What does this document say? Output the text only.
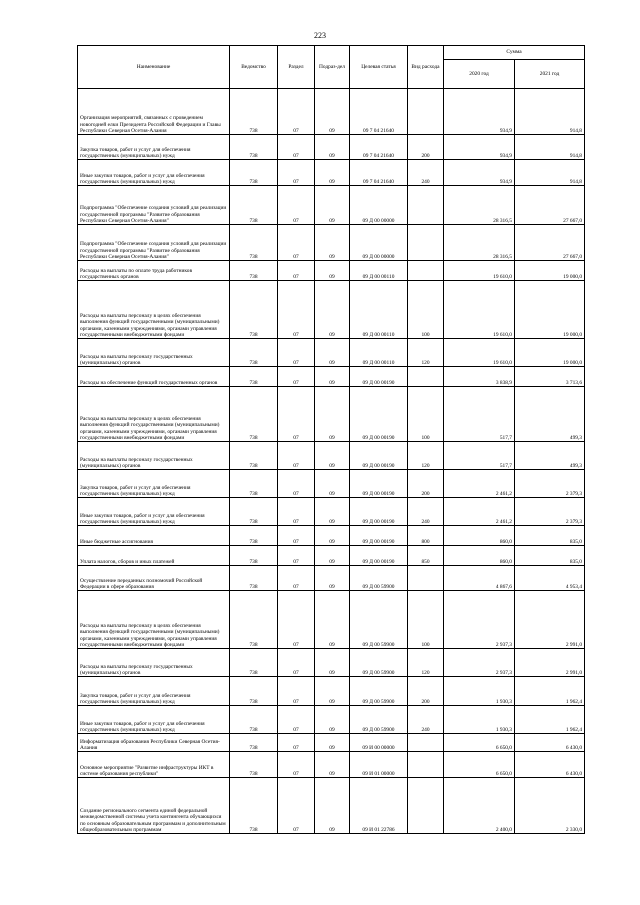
223
Наименование	Ведомство	Раздел	Подраз-дел	Целевая статья	Вид расхода	Сумма	
						2020 год	2021 год
Организация мероприятий, связанных с проведением новогодней елки Президента Российской Федерации и Главы Республики Северная Осетия-Алания	738	07	09	09 7 04 21640		934,9	914,8
Закупка товаров, работ и услуг для обеспечения государственных (муниципальных) нужд	738	07	09	09 7 04 21640	200	934,9	914,8
Иные закупки товаров, работ и услуг для обеспечения государственных (муниципальных) нужд	738	07	09	09 7 04 21640	240	934,9	914,8
Подпрограмма "Обеспечение создания условий для реализации государственной программы "Развитие образования Республики Северная Осетия-Алания"	738	07	09	09 Д 00 00000		28 316,5	27 667,0
Подпрограмма "Обеспечение создания условий для реализации государственной программы "Развитие образования Республики Северная Осетия-Алания"	738	07	09	09 Д 00 00000		28 316,5	27 667,0
Расходы на выплаты по оплате труда работников государственных органов	738	07	09	09 Д 00 00110		19 610,0	19 000,0
Расходы на выплаты персоналу в целях обеспечения выполнения функций государственными (муниципальными) органами, казенными учреждениями, органами управления государственными внебюджетными фондами	738	07	09	09 Д 00 00110	100	19 610,0	19 000,0
Расходы на выплаты персоналу государственных (муниципальных) органов	738	07	09	09 Д 00 00110	120	19 610,0	19 000,0
Расходы на обеспечение функций государственных органов	738	07	09	09 Д 00 00190		3 838,9	3 713,6
Расходы на выплаты персоналу в целях обеспечения выполнения функций государственными (муниципальными) органами, казенными учреждениями, органами управления государственными внебюджетными фондами	738	07	09	09 Д 00 00190	100	517,7	499,3
Расходы на выплаты персоналу государственных (муниципальных) органов	738	07	09	09 Д 00 00190	120	517,7	499,3
Закупка товаров, работ и услуг для обеспечения государственных (муниципальных) нужд	738	07	09	09 Д 00 00190	200	2 461,2	2 379,3
Иные закупки товаров, работ и услуг для обеспечения государственных (муниципальных) нужд	738	07	09	09 Д 00 00190	240	2 461,2	2 379,3
Иные бюджетные ассигнования	738	07	09	09 Д 00 00190	800	860,0	835,0
Уплата налогов, сборов и иных платежей	738	07	09	09 Д 00 00190	850	860,0	835,0
Осуществление переданных полномочий Российской Федерации в сфере образования	738	07	09	09 Д 00 59900		4 867,6	4 953,4
Расходы на выплаты персоналу в целях обеспечения выполнения функций государственными (муниципальными) органами, казенными учреждениями, органами управления государственными внебюджетными фондами	738	07	09	09 Д 00 59900	100	2 937,3	2 991,0
Расходы на выплаты персоналу государственных (муниципальных) органов	738	07	09	09 Д 00 59900	120	2 937,3	2 991,0
Закупка товаров, работ и услуг для обеспечения государственных (муниципальных) нужд	738	07	09	09 Д 00 59900	200	1 930,3	1 962,4
Иные закупки товаров, работ и услуг для обеспечения государственных (муниципальных) нужд	738	07	09	09 Д 00 59900	240	1 930,3	1 962,4
Информатизация образования Республики Северная Осетия-Алания	738	07	09	09 И 00 00000		6 650,0	6 430,0
Основное мероприятие "Развитие инфраструктуры ИКТ в системе образования республики"	738	07	09	09 И 01 00000		6 650,0	6 430,0
Создание регионального сегмента единой федеральной межведомственной системы учета контингента обучающихся по основным образовательным программам и дополнительным общеобразовательным программам	738	07	09	09 И 01 22786		2 400,0	2 330,0
